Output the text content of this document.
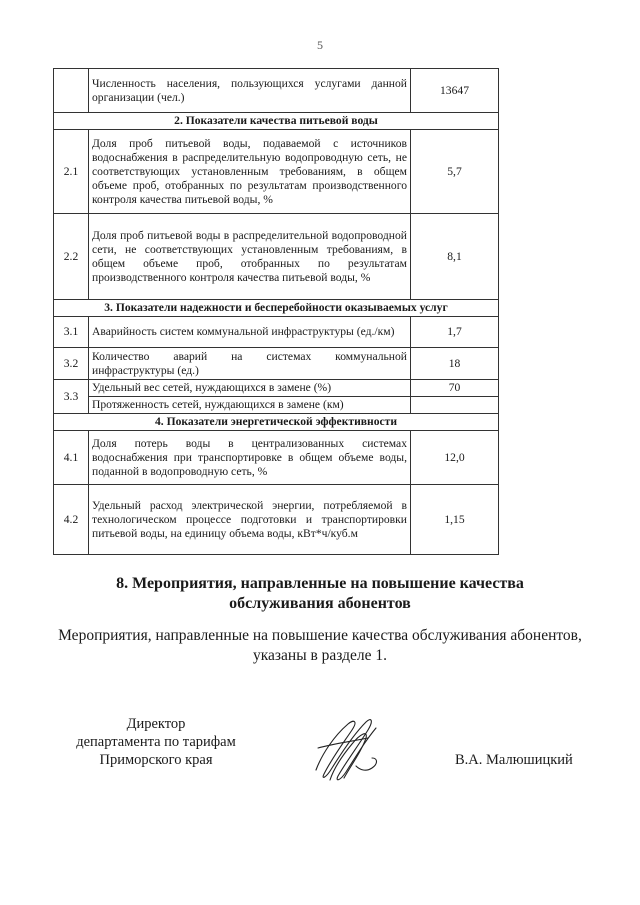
5
	Численность населения, пользующихся услугами данной организации (чел.)	13647
2. Показатели качества питьевой воды		
2.1	Доля проб питьевой воды, подаваемой с источников водоснабжения в распределительную водопроводную сеть, не соответствующих установленным требованиям, в общем объеме проб, отобранных по результатам производственного контроля качества питьевой воды, %	5,7
2.2	Доля проб питьевой воды в распределительной водопроводной сети, не соответствующих установленным требованиям, в общем объеме проб, отобранных по результатам производственного контроля качества питьевой воды, %	8,1
3. Показатели надежности и бесперебойности оказываемых услуг		
3.1	Аварийность систем коммунальной инфраструктуры (ед./км)	1,7
3.2	Количество аварий на системах коммунальной инфраструктуры (ед.)	18
3.3	Удельный вес сетей, нуждающихся в замене (%)	70
	Протяженность сетей, нуждающихся в замене (км)	
4. Показатели энергетической эффективности		
4.1	Доля потерь воды в централизованных системах водоснабжения при транспортировке в общем объеме воды, поданной в водопроводную сеть, %	12,0
4.2	Удельный расход электрической энергии, потребляемой в технологическом процессе подготовки и транспортировки питьевой воды, на единицу объема воды, кВт*ч/куб.м	1,15
8. Мероприятия, направленные на повышение качества
обслуживания абонентов

Мероприятия, направленные на повышение качества обслуживания абонентов, указаны в разделе 1.

Директор
департамента по тарифам
Приморского края	В.А. Малюшицкий
